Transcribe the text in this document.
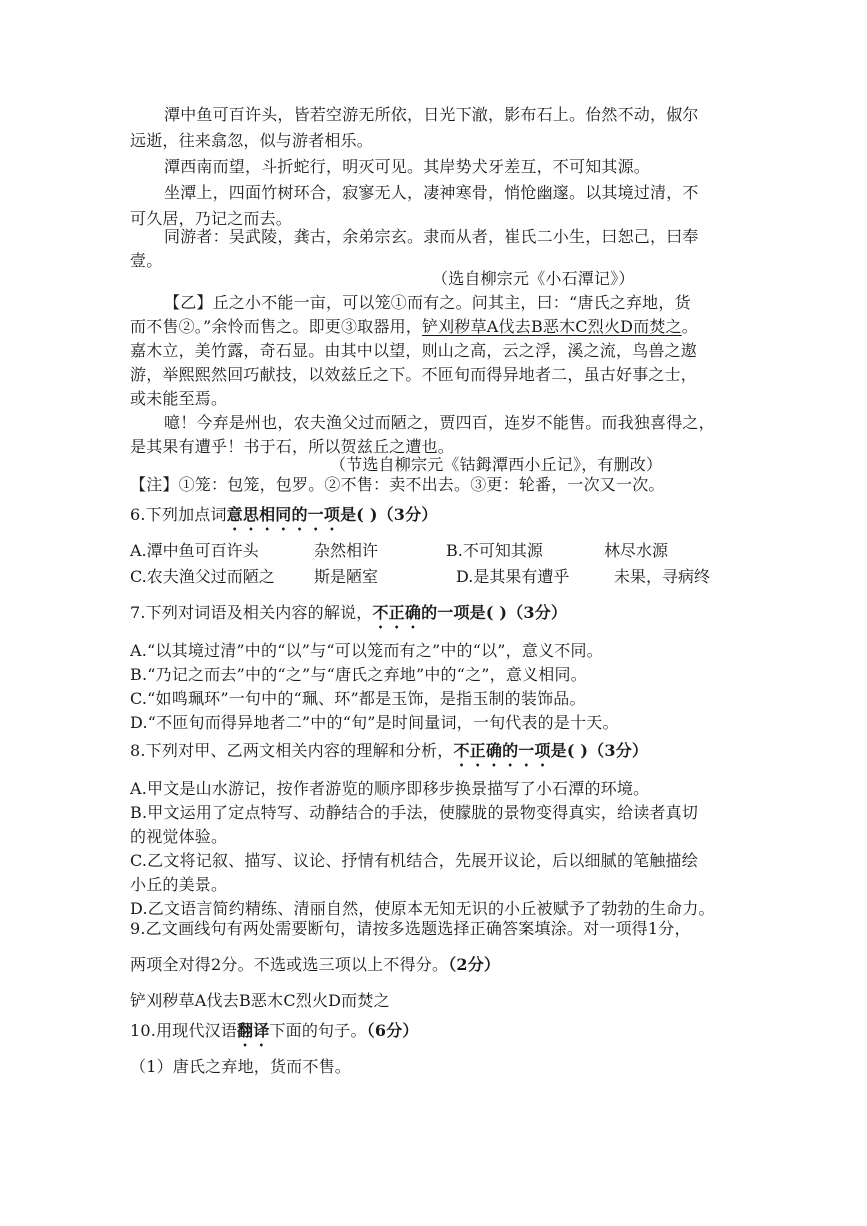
潭中鱼可百许头，皆若空游无所依，日光下澈，影布石上。佁然不动，俶尔
远逝，往来翕忽，似与游者相乐。
潭西南而望，斗折蛇行，明灭可见。其岸势犬牙差互，不可知其源。
坐潭上，四面竹树环合，寂寥无人，凄神寒骨，悄怆幽邃。以其境过清，不
可久居，乃记之而去。
同游者：吴武陵，龚古，余弟宗玄。隶而从者，崔氏二小生，曰恕己，曰奉
壹。
（选自柳宗元《小石潭记》）
【乙】丘之小不能一亩，可以笼①而有之。问其主，曰：“唐氏之弃地，货
而不售②。”余怜而售之。即更③取器用，铲刈秽草A伐去B恶木C烈火D而焚之。
嘉木立，美竹露，奇石显。由其中以望，则山之高，云之浮，溪之流，鸟兽之遨
游，举熙熙然回巧献技，以效兹丘之下。不匝旬而得异地者二，虽古好事之士，
或未能至焉。
噫！今弃是州也，农夫渔父过而陋之，贾四百，连岁不能售。而我独喜得之，
是其果有遭乎！书于石，所以贺兹丘之遭也。
（节选自柳宗元《钴鉧潭西小丘记》，有删改）
【注】①笼：包笼，包罗。②不售：卖不出去。③更：轮番，一次又一次。
6.下列加点词意思相同的一项是( )（3分）
A.潭中鱼可百许头	杂然相许	B.不可知其源	林尽水源
C.农夫渔父过而陋之 斯是陋室	D.是其果有遭乎	未果，寻病终
7.下列对词语及相关内容的解说，不正确的一项是( )（3分）
A.“以其境过清”中的“以”与“可以笼而有之”中的“以”，意义不同。
B.“乃记之而去”中的“之”与“唐氏之弃地”中的“之”，意义相同。
C.“如鸣珮环”一句中的“珮、环”都是玉饰，是指玉制的装饰品。
D.“不匝旬而得异地者二”中的“旬”是时间量词，一旬代表的是十天。
8.下列对甲、乙两文相关内容的理解和分析，不正确的一项是( )（3分）
A.甲文是山水游记，按作者游览的顺序即移步换景描写了小石潭的环境。
B.甲文运用了定点特写、动静结合的手法，使朦胧的景物变得真实，给读者真切
的视觉体验。
C.乙文将记叙、描写、议论、抒情有机结合，先展开议论，后以细腻的笔触描绘
小丘的美景。
D.乙文语言简约精练、清丽自然，使原本无知无识的小丘被赋予了勃勃的生命力。
9.乙文画线句有两处需要断句，请按多选题选择正确答案填涂。对一项得1分，
两项全对得2分。不选或选三项以上不得分。（2分）
铲刈秽草A伐去B恶木C烈火D而焚之
10.用现代汉语翻译下面的句子。（6分）
（1）唐氏之弃地，货而不售。
